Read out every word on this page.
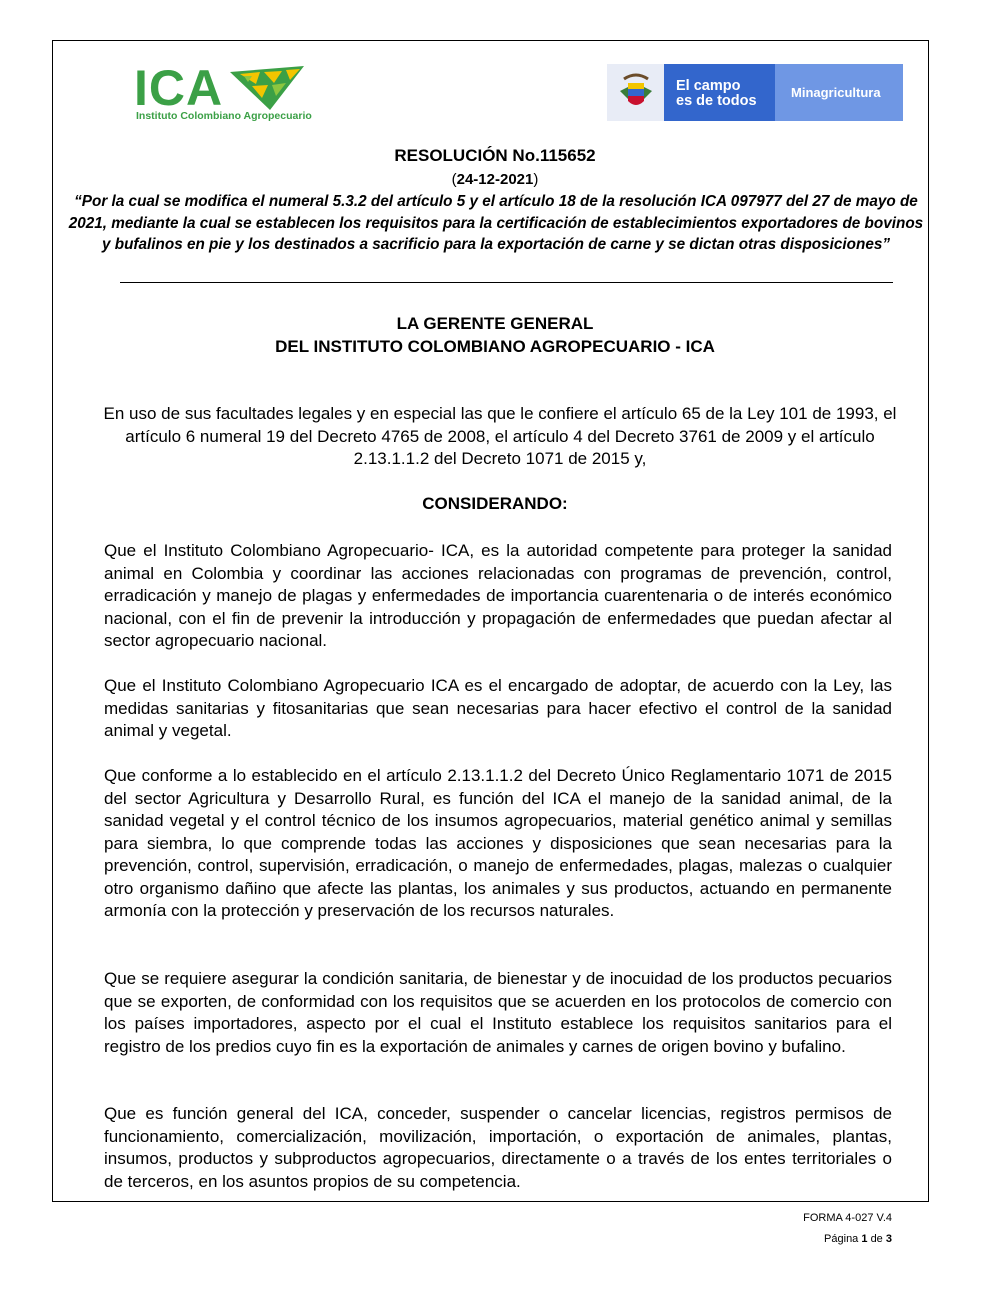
ICA
Instituto Colombiano Agropecuario
El campo
es de todos
Minagricultura
RESOLUCIÓN No.115652
(24-12-2021)
“Por la cual se modifica el numeral 5.3.2 del artículo 5 y el artículo 18 de la resolución ICA 097977 del 27 de mayo de 2021, mediante la cual se establecen los requisitos para la certificación de establecimientos exportadores de bovinos y bufalinos en pie y los destinados a sacrificio para la exportación de carne y se dictan otras disposiciones”
LA GERENTE GENERAL
DEL INSTITUTO COLOMBIANO AGROPECUARIO - ICA
En uso de sus facultades legales y en especial las que le confiere el artículo 65 de la Ley 101 de 1993, el artículo 6 numeral 19 del Decreto 4765 de 2008, el artículo 4 del Decreto 3761 de 2009 y el artículo 2.13.1.1.2 del Decreto 1071 de 2015 y,
CONSIDERANDO:

Que el Instituto Colombiano Agropecuario- ICA, es la autoridad competente para proteger la sanidad animal en Colombia y coordinar las acciones relacionadas con programas de prevención, control, erradicación y manejo de plagas y enfermedades de importancia cuarentenaria o de interés económico nacional, con el fin de prevenir la introducción y propagación de enfermedades que puedan afectar al sector agropecuario nacional.

Que el Instituto Colombiano Agropecuario ICA es el encargado de adoptar, de acuerdo con la Ley, las medidas sanitarias y fitosanitarias que sean necesarias para hacer efectivo el control de la sanidad animal y vegetal.

Que conforme a lo establecido en el artículo 2.13.1.1.2 del Decreto Único Reglamentario 1071 de 2015 del sector Agricultura y Desarrollo Rural, es función del ICA el manejo de la sanidad animal, de la sanidad vegetal y el control técnico de los insumos agropecuarios, material genético animal y semillas para siembra, lo que comprende todas las acciones y disposiciones que sean necesarias para la prevención, control, supervisión, erradicación, o manejo de enfermedades, plagas, malezas o cualquier otro organismo dañino que afecte las plantas, los animales y sus productos, actuando en permanente armonía con la protección y preservación de los recursos naturales.

Que se requiere asegurar la condición sanitaria, de bienestar y de inocuidad de los productos pecuarios que se exporten, de conformidad con los requisitos que se acuerden en los protocolos de comercio con los países importadores, aspecto por el cual el Instituto establece los requisitos sanitarios para el registro de los predios cuyo fin es la exportación de animales y carnes de origen bovino y bufalino.

Que es función general del ICA, conceder, suspender o cancelar licencias, registros permisos de funcionamiento, comercialización, movilización, importación, o exportación de animales, plantas, insumos, productos y subproductos agropecuarios, directamente o a través de los entes territoriales o de terceros, en los asuntos propios de su competencia.

FORMA 4-027 V.4
Página 1 de 3
